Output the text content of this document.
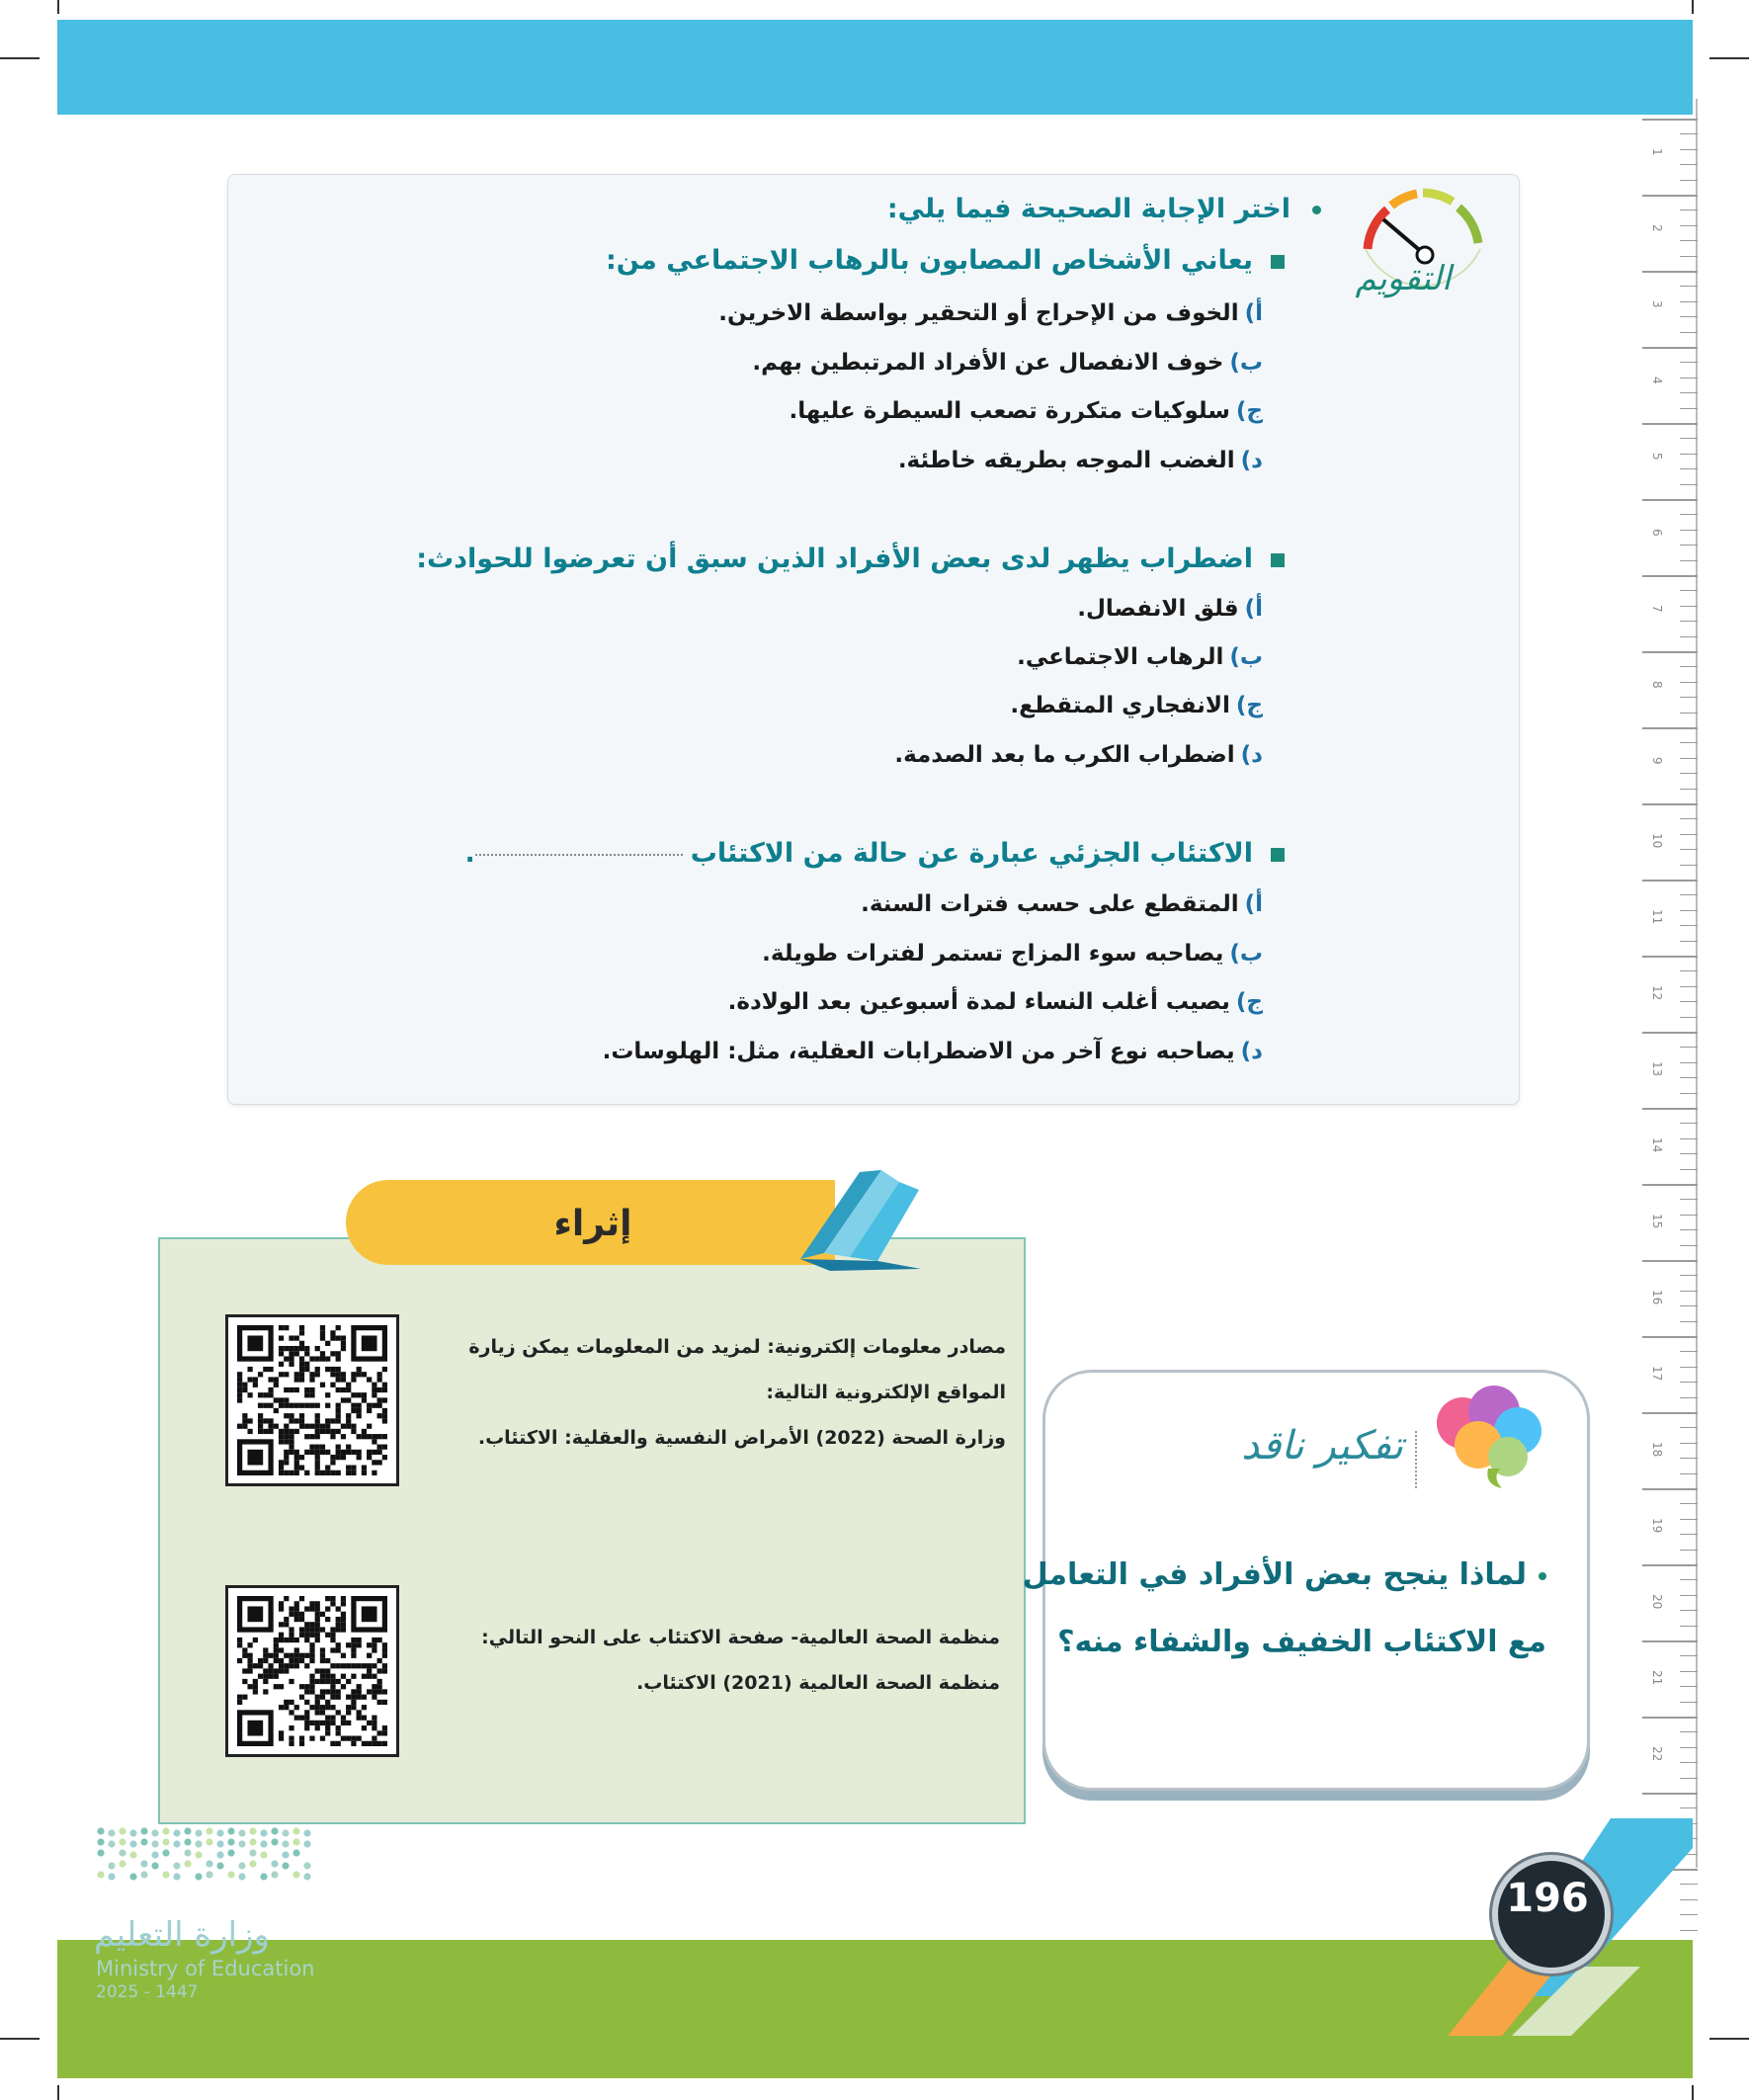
1
2
3
4
5
6
7
8
9
10
11
12
13
14
15
16
17
18
19
20
21
22
التقويم
اختر الإجابة الصحيحة فيما يلي:
يعاني الأشخاص المصابون بالرهاب الاجتماعي من:
أ)الخوف من الإحراج أو التحقير بواسطة الاخرين.
ب)خوف الانفصال عن الأفراد المرتبطين بهم.
ج)سلوكيات متكررة تصعب السيطرة عليها.
د)الغضب الموجه بطريقه خاطئة.
اضطراب يظهر لدى بعض الأفراد الذين سبق أن تعرضوا للحوادث:
أ)قلق الانفصال.
ب)الرهاب الاجتماعي.
ج)الانفجاري المتقطع.
د)اضطراب الكرب ما بعد الصدمة.
الاكتئاب الجزئي عبارة عن حالة من الاكتئاب.
أ)المتقطع على حسب فترات السنة.
ب)يصاحبه سوء المزاج تستمر لفترات طويلة.
ج)يصيب أغلب النساء لمدة أسبوعين بعد الولادة.
د)يصاحبه نوع آخر من الاضطرابات العقلية، مثل: الهلوسات.
إثراء
مصادر معلومات إلكترونية: لمزيد من المعلومات يمكن زيارة
المواقع الإلكترونية التالية:
وزارة الصحة (2022) الأمراض النفسية والعقلية: الاكتئاب.
منظمة الصحة العالمية- صفحة الاكتئاب على النحو التالي:
منظمة الصحة العالمية (2021) الاكتئاب.
تفكير ناقد
لماذا ينجح بعض الأفراد في التعامل
مع الاكتئاب الخفيف والشفاء منه؟
196
وزارة التعليم
Ministry of Education
2025 - 1447
